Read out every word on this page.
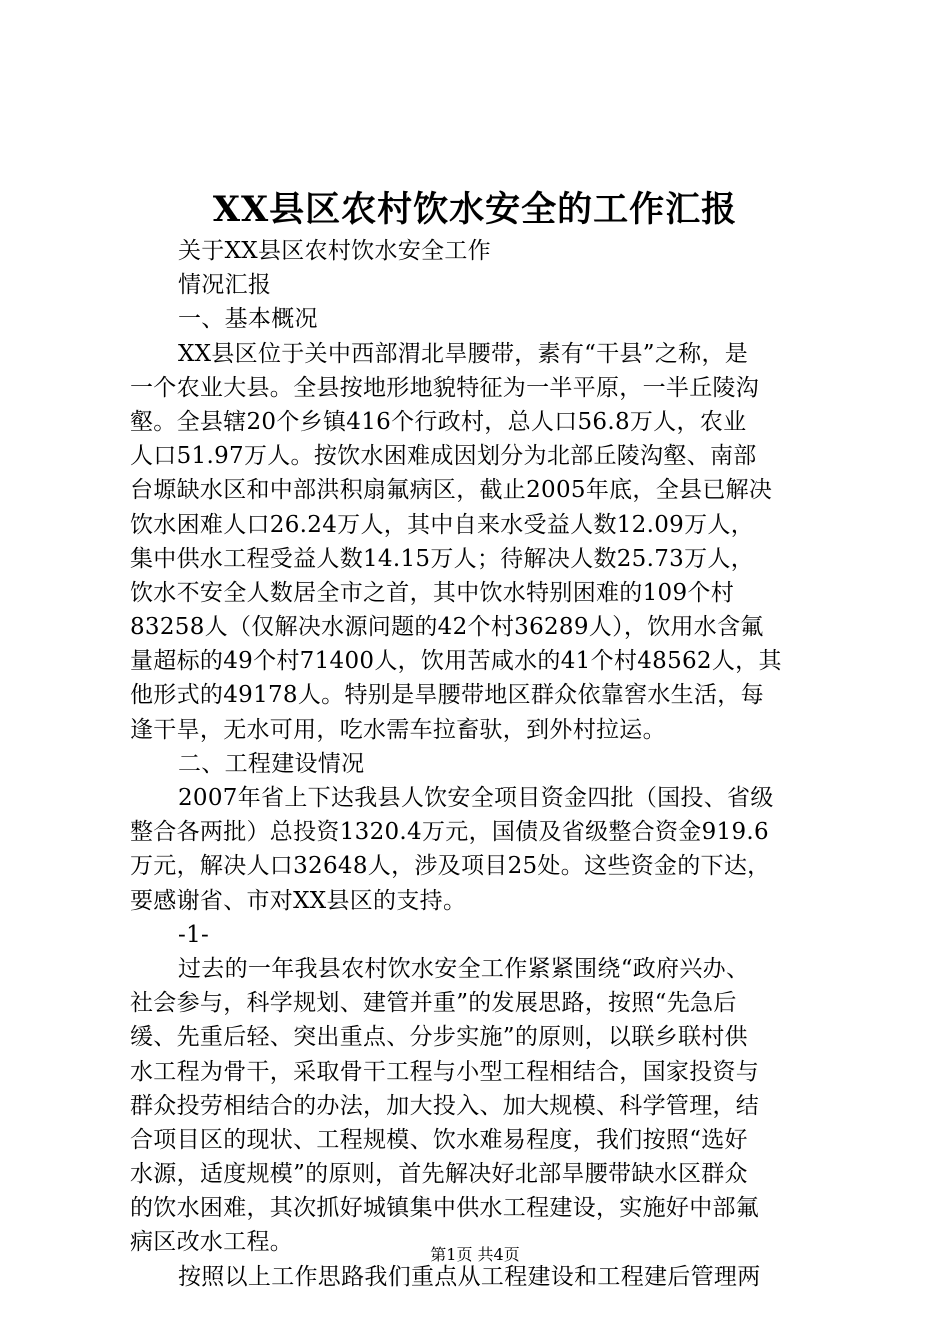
XX县区农村饮水安全的工作汇报
关于XX县区农村饮水安全工作
情况汇报
一、基本概况
XX县区位于关中西部渭北旱腰带，素有“干县”之称，是
一个农业大县。全县按地形地貌特征为一半平原，一半丘陵沟
壑。全县辖20个乡镇416个行政村，总人口56.8万人，农业
人口51.97万人。按饮水困难成因划分为北部丘陵沟壑、南部
台塬缺水区和中部洪积扇氟病区，截止2005年底，全县已解决
饮水困难人口26.24万人，其中自来水受益人数12.09万人，
集中供水工程受益人数14.15万人；待解决人数25.73万人，
饮水不安全人数居全市之首，其中饮水特别困难的109个村
83258人（仅解决水源问题的42个村36289人），饮用水含氟
量超标的49个村71400人，饮用苦咸水的41个村48562人，其
他形式的49178人。特别是旱腰带地区群众依靠窖水生活，每
逢干旱，无水可用，吃水需车拉畜驮，到外村拉运。
二、工程建设情况
2007年省上下达我县人饮安全项目资金四批（国投、省级
整合各两批）总投资1320.4万元，国债及省级整合资金919.6
万元，解决人口32648人，涉及项目25处。这些资金的下达，
要感谢省、市对XX县区的支持。
-1-
过去的一年我县农村饮水安全工作紧紧围绕“政府兴办、
社会参与，科学规划、建管并重”的发展思路，按照“先急后
缓、先重后轻、突出重点、分步实施”的原则，以联乡联村供
水工程为骨干，采取骨干工程与小型工程相结合，国家投资与
群众投劳相结合的办法，加大投入、加大规模、科学管理，结
合项目区的现状、工程规模、饮水难易程度，我们按照“选好
水源，适度规模”的原则，首先解决好北部旱腰带缺水区群众
的饮水困难，其次抓好城镇集中供水工程建设，实施好中部氟
病区改水工程。
按照以上工作思路我们重点从工程建设和工程建后管理两
第1页 共4页
